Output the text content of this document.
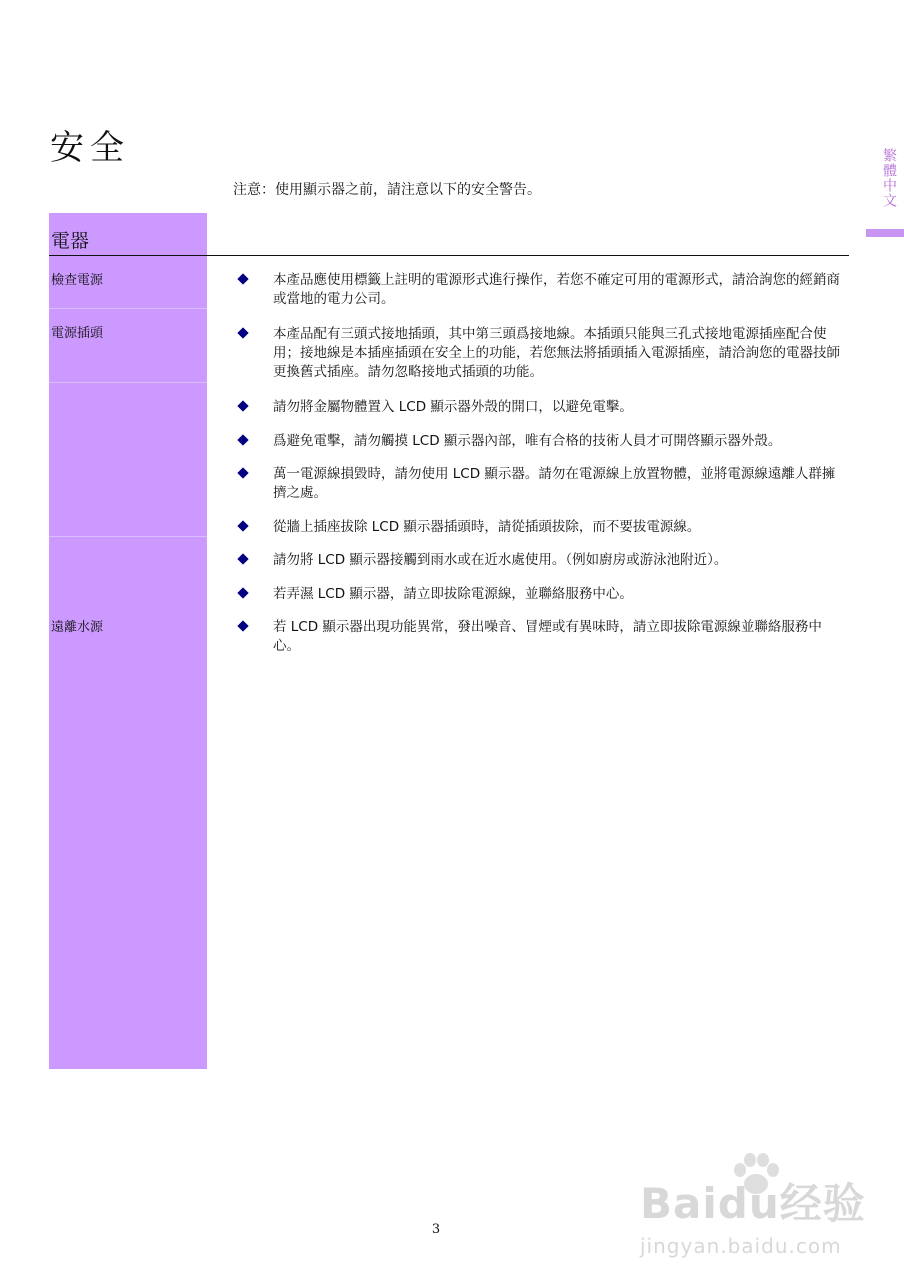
安全	繁體中文
注意：使用顯示器之前，請注意以下的安全警告。
電器
檢查電源
電源插頭
遠離水源
本產品應使用標籤上註明的電源形式進行操作，若您不確定可用的電源形式，請洽詢您的經銷商或當地的電力公司。
本產品配有三頭式接地插頭，其中第三頭爲接地線。本插頭只能與三孔式接地電源插座配合使用；接地線是本插座插頭在安全上的功能，若您無法將插頭插入電源插座，請洽詢您的電器技師更換舊式插座。請勿忽略接地式插頭的功能。
請勿將金屬物體置入 LCD 顯示器外殼的開口，以避免電擊。
爲避免電擊，請勿觸摸 LCD 顯示器內部，唯有合格的技術人員才可開啓顯示器外殼。
萬一電源線損毀時，請勿使用 LCD 顯示器。請勿在電源線上放置物體，並將電源線遠離人群擁擠之處。
從牆上插座拔除 LCD 顯示器插頭時，請從插頭拔除，而不要拔電源線。
請勿將 LCD 顯示器接觸到雨水或在近水處使用。（例如廚房或游泳池附近）。
若弄濕 LCD 顯示器，請立即拔除電源線，並聯絡服務中心。
若 LCD 顯示器出現功能異常，發出噪音、冒煙或有異味時，請立即拔除電源線並聯絡服務中心。
3
Baidu经验
jingyan.baidu.com
